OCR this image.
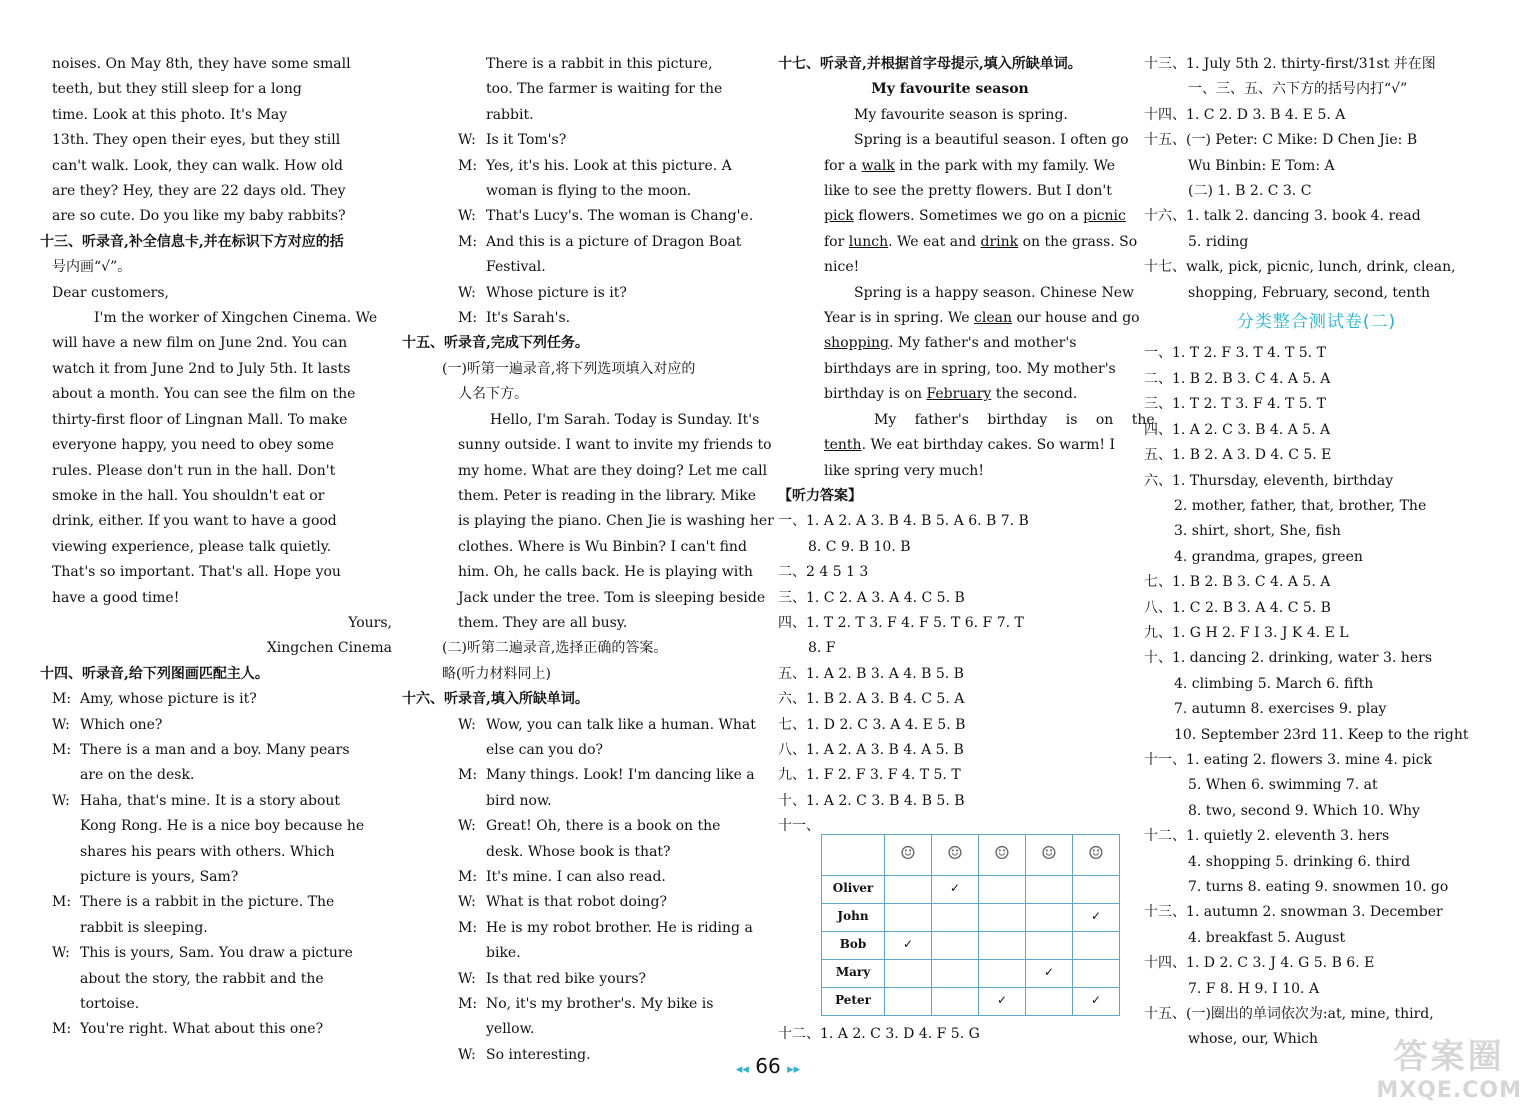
noises. On May 8th, they have some small
teeth, but they still sleep for a long
time. Look at this photo. It's May
13th. They open their eyes, but they still
can't walk. Look, they can walk. How old
are they? Hey, they are 22 days old. They
are so cute. Do you like my baby rabbits?
十三、听录音,补全信息卡,并在标识下方对应的括
号内画“√”。
Dear customers,
I'm the worker of Xingchen Cinema. We
will have a new film on June 2nd. You can
watch it from June 2nd to July 5th. It lasts
about a month. You can see the film on the
thirty-first floor of Lingnan Mall. To make
everyone happy, you need to obey some
rules. Please don't run in the hall. Don't
smoke in the hall. You shouldn't eat or
drink, either. If you want to have a good
viewing experience, please talk quietly.
That's so important. That's all. Hope you
have a good time!
Yours,
Xingchen Cinema
十四、听录音,给下列图画匹配主人。
M: Amy, whose picture is it?
W: Which one?
M: There is a man and a boy. Many pears
are on the desk.
W: Haha, that's mine. It is a story about
Kong Rong. He is a nice boy because he
shares his pears with others. Which
picture is yours, Sam?
M: There is a rabbit in the picture. The
rabbit is sleeping.
W: This is yours, Sam. You draw a picture
about the story, the rabbit and the
tortoise.
M: You're right. What about this one?
There is a rabbit in this picture,
too. The farmer is waiting for the
rabbit.
W: Is it Tom's?
M: Yes, it's his. Look at this picture. A
woman is flying to the moon.
W: That's Lucy's. The woman is Chang'e.
M: And this is a picture of Dragon Boat
Festival.
W: Whose picture is it?
M: It's Sarah's.
十五、听录音,完成下列任务。
(一)听第一遍录音,将下列选项填入对应的
人名下方。
Hello, I'm Sarah. Today is Sunday. It's
sunny outside. I want to invite my friends to
my home. What are they doing? Let me call
them. Peter is reading in the library. Mike
is playing the piano. Chen Jie is washing her
clothes. Where is Wu Binbin? I can't find
him. Oh, he calls back. He is playing with
Jack under the tree. Tom is sleeping beside
them. They are all busy.
(二)听第二遍录音,选择正确的答案。
略(听力材料同上)
十六、听录音,填入所缺单词。
W: Wow, you can talk like a human. What
else can you do?
M: Many things. Look! I'm dancing like a
bird now.
W: Great! Oh, there is a book on the
desk. Whose book is that?
M: It's mine. I can also read.
W: What is that robot doing?
M: He is my robot brother. He is riding a
bike.
W: Is that red bike yours?
M: No, it's my brother's. My bike is
yellow.
W: So interesting.
十七、听录音,并根据首字母提示,填入所缺单词。
My favourite season
My favourite season is spring.
Spring is a beautiful season. I often go
for a walk in the park with my family. We
like to see the pretty flowers. But I don't
pick flowers. Sometimes we go on a picnic
for lunch. We eat and drink on the grass. So
nice!
Spring is a happy season. Chinese New
Year is in spring. We clean our house and go
shopping. My father's and mother's
birthdays are in spring, too. My mother's
birthday is on February the second.
My father's birthday is on the
tenth. We eat birthday cakes. So warm! I
like spring very much!
【听力答案】
一、1. A 2. A 3. B 4. B 5. A 6. B 7. B
8. C 9. B 10. B
二、2 4 5 1 3
三、1. C 2. A 3. A 4. C 5. B
四、1. T 2. T 3. F 4. F 5. T 6. F 7. T
8. F
五、1. A 2. B 3. A 4. B 5. B
六、1. B 2. A 3. B 4. C 5. A
七、1. D 2. C 3. A 4. E 5. B
八、1. A 2. A 3. B 4. A 5. B
九、1. F 2. F 3. F 4. T 5. T
十、1. A 2. C 3. B 4. B 5. B
十一、
	☺	☺	☺	☺	☺
Oliver		✓			
John					✓
Bob	✓				
Mary				✓	
Peter			✓		✓
十二、1. A 2. C 3. D 4. F 5. G
十三、1. July 5th 2. thirty-first/31st 并在图
一、三、五、六下方的括号内打“√”
十四、1. C 2. D 3. B 4. E 5. A
十五、(一) Peter: C Mike: D Chen Jie: B
Wu Binbin: E Tom: A
(二) 1. B 2. C 3. C
十六、1. talk 2. dancing 3. book 4. read
5. riding
十七、walk, pick, picnic, lunch, drink, clean,
shopping, February, second, tenth
分类整合测试卷(二)
一、1. T 2. F 3. T 4. T 5. T
二、1. B 2. B 3. C 4. A 5. A
三、1. T 2. T 3. F 4. T 5. T
四、1. A 2. C 3. B 4. A 5. A
五、1. B 2. A 3. D 4. C 5. E
六、1. Thursday, eleventh, birthday
2. mother, father, that, brother, The
3. shirt, short, She, fish
4. grandma, grapes, green
七、1. B 2. B 3. C 4. A 5. A
八、1. C 2. B 3. A 4. C 5. B
九、1. G H 2. F I 3. J K 4. E L
十、1. dancing 2. drinking, water 3. hers
4. climbing 5. March 6. fifth
7. autumn 8. exercises 9. play
10. September 23rd 11. Keep to the right
十一、1. eating 2. flowers 3. mine 4. pick
5. When 6. swimming 7. at
8. two, second 9. Which 10. Why
十二、1. quietly 2. eleventh 3. hers
4. shopping 5. drinking 6. third
7. turns 8. eating 9. snowmen 10. go
十三、1. autumn 2. snowman 3. December
4. breakfast 5. August
十四、1. D 2. C 3. J 4. G 5. B 6. E
7. F 8. H 9. I 10. A
十五、(一)圈出的单词依次为:at, mine, third,
whose, our, Which
◂◂ 66 ▸▸	答案圈
MXQE.COM
